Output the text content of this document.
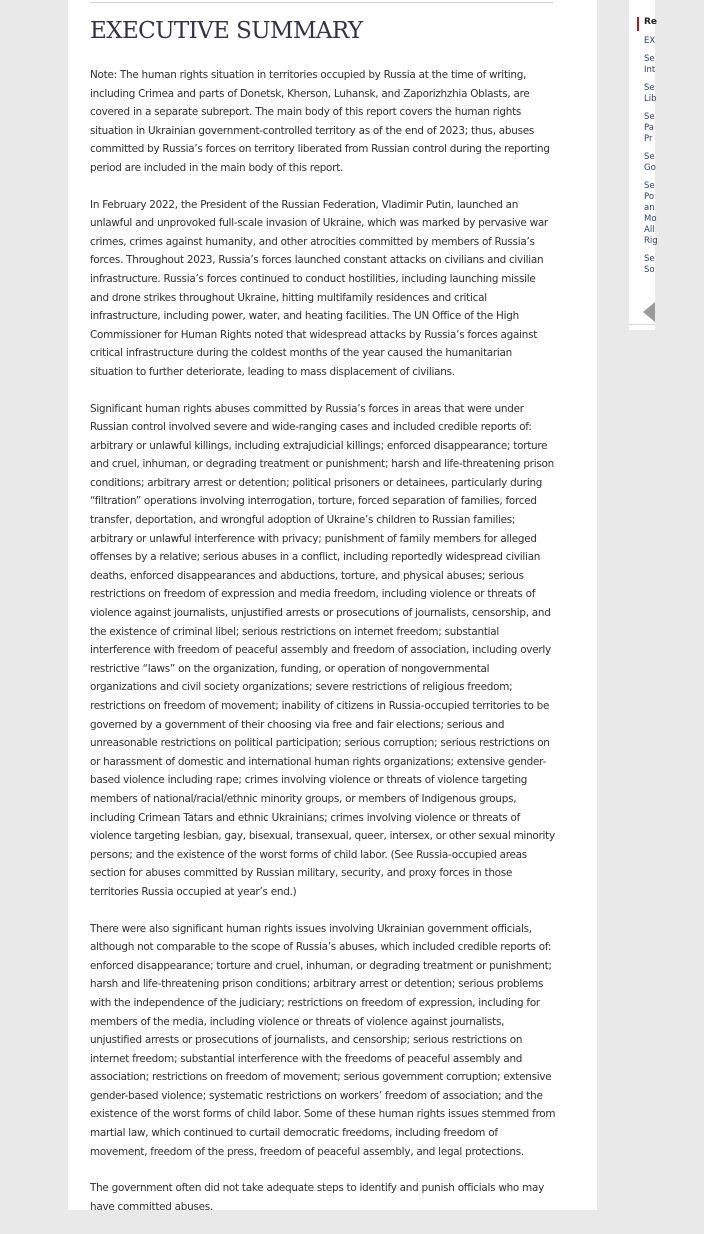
EXECUTIVE SUMMARY

Note: The human rights situation in territories occupied by Russia at the time of writing, including Crimea and parts of Donetsk, Kherson, Luhansk, and Zaporizhzhia Oblasts, are covered in a separate subreport. The main body of this report covers the human rights situation in Ukrainian government-controlled territory as of the end of 2023; thus, abuses committed by Russia’s forces on territory liberated from Russian control during the reporting period are included in the main body of this report.

In February 2022, the President of the Russian Federation, Vladimir Putin, launched an unlawful and unprovoked full-scale invasion of Ukraine, which was marked by pervasive war crimes, crimes against humanity, and other atrocities committed by members of Russia’s forces. Throughout 2023, Russia’s forces launched constant attacks on civilians and civilian infrastructure. Russia’s forces continued to conduct hostilities, including launching missile and drone strikes throughout Ukraine, hitting multifamily residences and critical infrastructure, including power, water, and heating facilities. The UN Office of the High Commissioner for Human Rights noted that widespread attacks by Russia’s forces against critical infrastructure during the coldest months of the year caused the humanitarian situation to further deteriorate, leading to mass displacement of civilians.

Significant human rights abuses committed by Russia’s forces in areas that were under Russian control involved severe and wide-ranging cases and included credible reports of: arbitrary or unlawful killings, including extrajudicial killings; enforced disappearance; torture and cruel, inhuman, or degrading treatment or punishment; harsh and life-threatening prison conditions; arbitrary arrest or detention; political prisoners or detainees, particularly during “filtration” operations involving interrogation, torture, forced separation of families, forced transfer, deportation, and wrongful adoption of Ukraine’s children to Russian families; arbitrary or unlawful interference with privacy; punishment of family members for alleged offenses by a relative; serious abuses in a conflict, including reportedly widespread civilian deaths, enforced disappearances and abductions, torture, and physical abuses; serious restrictions on freedom of expression and media freedom, including violence or threats of violence against journalists, unjustified arrests or prosecutions of journalists, censorship, and the existence of criminal libel; serious restrictions on internet freedom; substantial interference with freedom of peaceful assembly and freedom of association, including overly restrictive “laws” on the organization, funding, or operation of nongovernmental organizations and civil society organizations; severe restrictions of religious freedom; restrictions on freedom of movement; inability of citizens in Russia-occupied territories to be governed by a government of their choosing via free and fair elections; serious and unreasonable restrictions on political participation; serious corruption; serious restrictions on or harassment of domestic and international human rights organizations; extensive gender-based violence including rape; crimes involving violence or threats of violence targeting members of national/racial/ethnic minority groups, or members of Indigenous groups, including Crimean Tatars and ethnic Ukrainians; crimes involving violence or threats of violence targeting lesbian, gay, bisexual, transexual, queer, intersex, or other sexual minority persons; and the existence of the worst forms of child labor. (See Russia-occupied areas section for abuses committed by Russian military, security, and proxy forces in those territories Russia occupied at year’s end.)

There were also significant human rights issues involving Ukrainian government officials, although not comparable to the scope of Russia’s abuses, which included credible reports of: enforced disappearance; torture and cruel, inhuman, or degrading treatment or punishment; harsh and life-threatening prison conditions; arbitrary arrest or detention; serious problems with the independence of the judiciary; restrictions on freedom of expression, including for members of the media, including violence or threats of violence against journalists, unjustified arrests or prosecutions of journalists, and censorship; serious restrictions on internet freedom; substantial interference with the freedoms of peaceful assembly and association; restrictions on freedom of movement; serious government corruption; extensive gender-based violence; systematic restrictions on workers’ freedom of association; and the existence of the worst forms of child labor. Some of these human rights issues stemmed from martial law, which continued to curtail democratic freedoms, including freedom of movement, freedom of the press, freedom of peaceful assembly, and legal protections.

The government often did not take adequate steps to identify and punish officials who may have committed abuses.

Re
EX
Se
Int
Se
Lib
Se
Pa
Pr
Se
Go
Se
Po
an
Mo
All
Rig
Se
So
